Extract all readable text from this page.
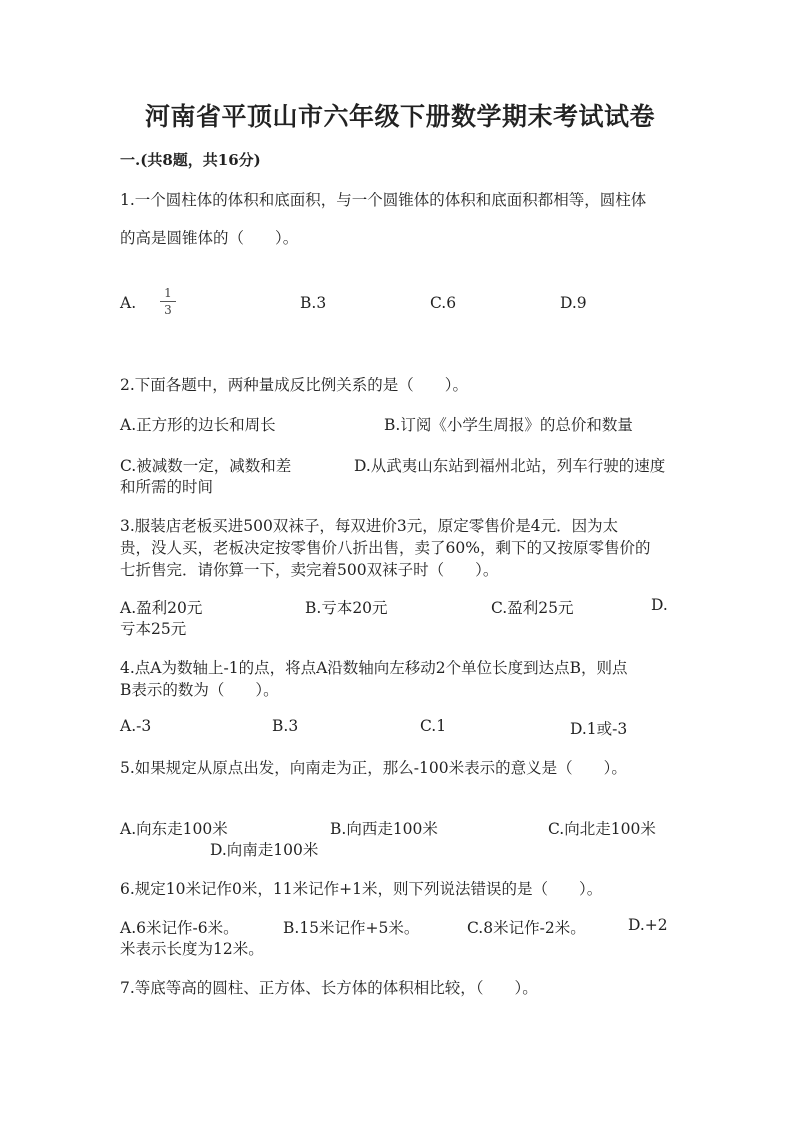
河南省平顶山市六年级下册数学期末考试试卷
一.(共8题，共16分)
1.一个圆柱体的体积和底面积，与一个圆锥体的体积和底面积都相等，圆柱体
的高是圆锥体的（　　）。
A.
1
3	B.3	C.6	D.9
2.下面各题中，两种量成反比例关系的是（　　）。
A.正方形的边长和周长	B.订阅《小学生周报》的总价和数量
C.被减数一定，减数和差	D.从武夷山东站到福州北站，列车行驶的速度
和所需的时间
3.服装店老板买进500双袜子，每双进价3元，原定零售价是4元．因为太
贵，没人买，老板决定按零售价八折出售，卖了60%，剩下的又按原零售价的
七折售完．请你算一下，卖完着500双袜子时（　　）。
A.盈利20元	B.亏本20元	C.盈利25元	D.
亏本25元
4.点A为数轴上-1的点，将点A沿数轴向左移动2个单位长度到达点B，则点
B表示的数为（　　）。
A.-3	B.3	C.1	D.1或-3
5.如果规定从原点出发，向南走为正，那么-100米表示的意义是（　　）。
A.向东走100米	B.向西走100米	C.向北走100米
D.向南走100米
6.规定10米记作0米，11米记作+1米，则下列说法错误的是（　　）。
A.6米记作-6米。	B.15米记作+5米。	C.8米记作-2米。	D.+2
米表示长度为12米。
7.等底等高的圆柱、正方体、长方体的体积相比较，（　　）。
